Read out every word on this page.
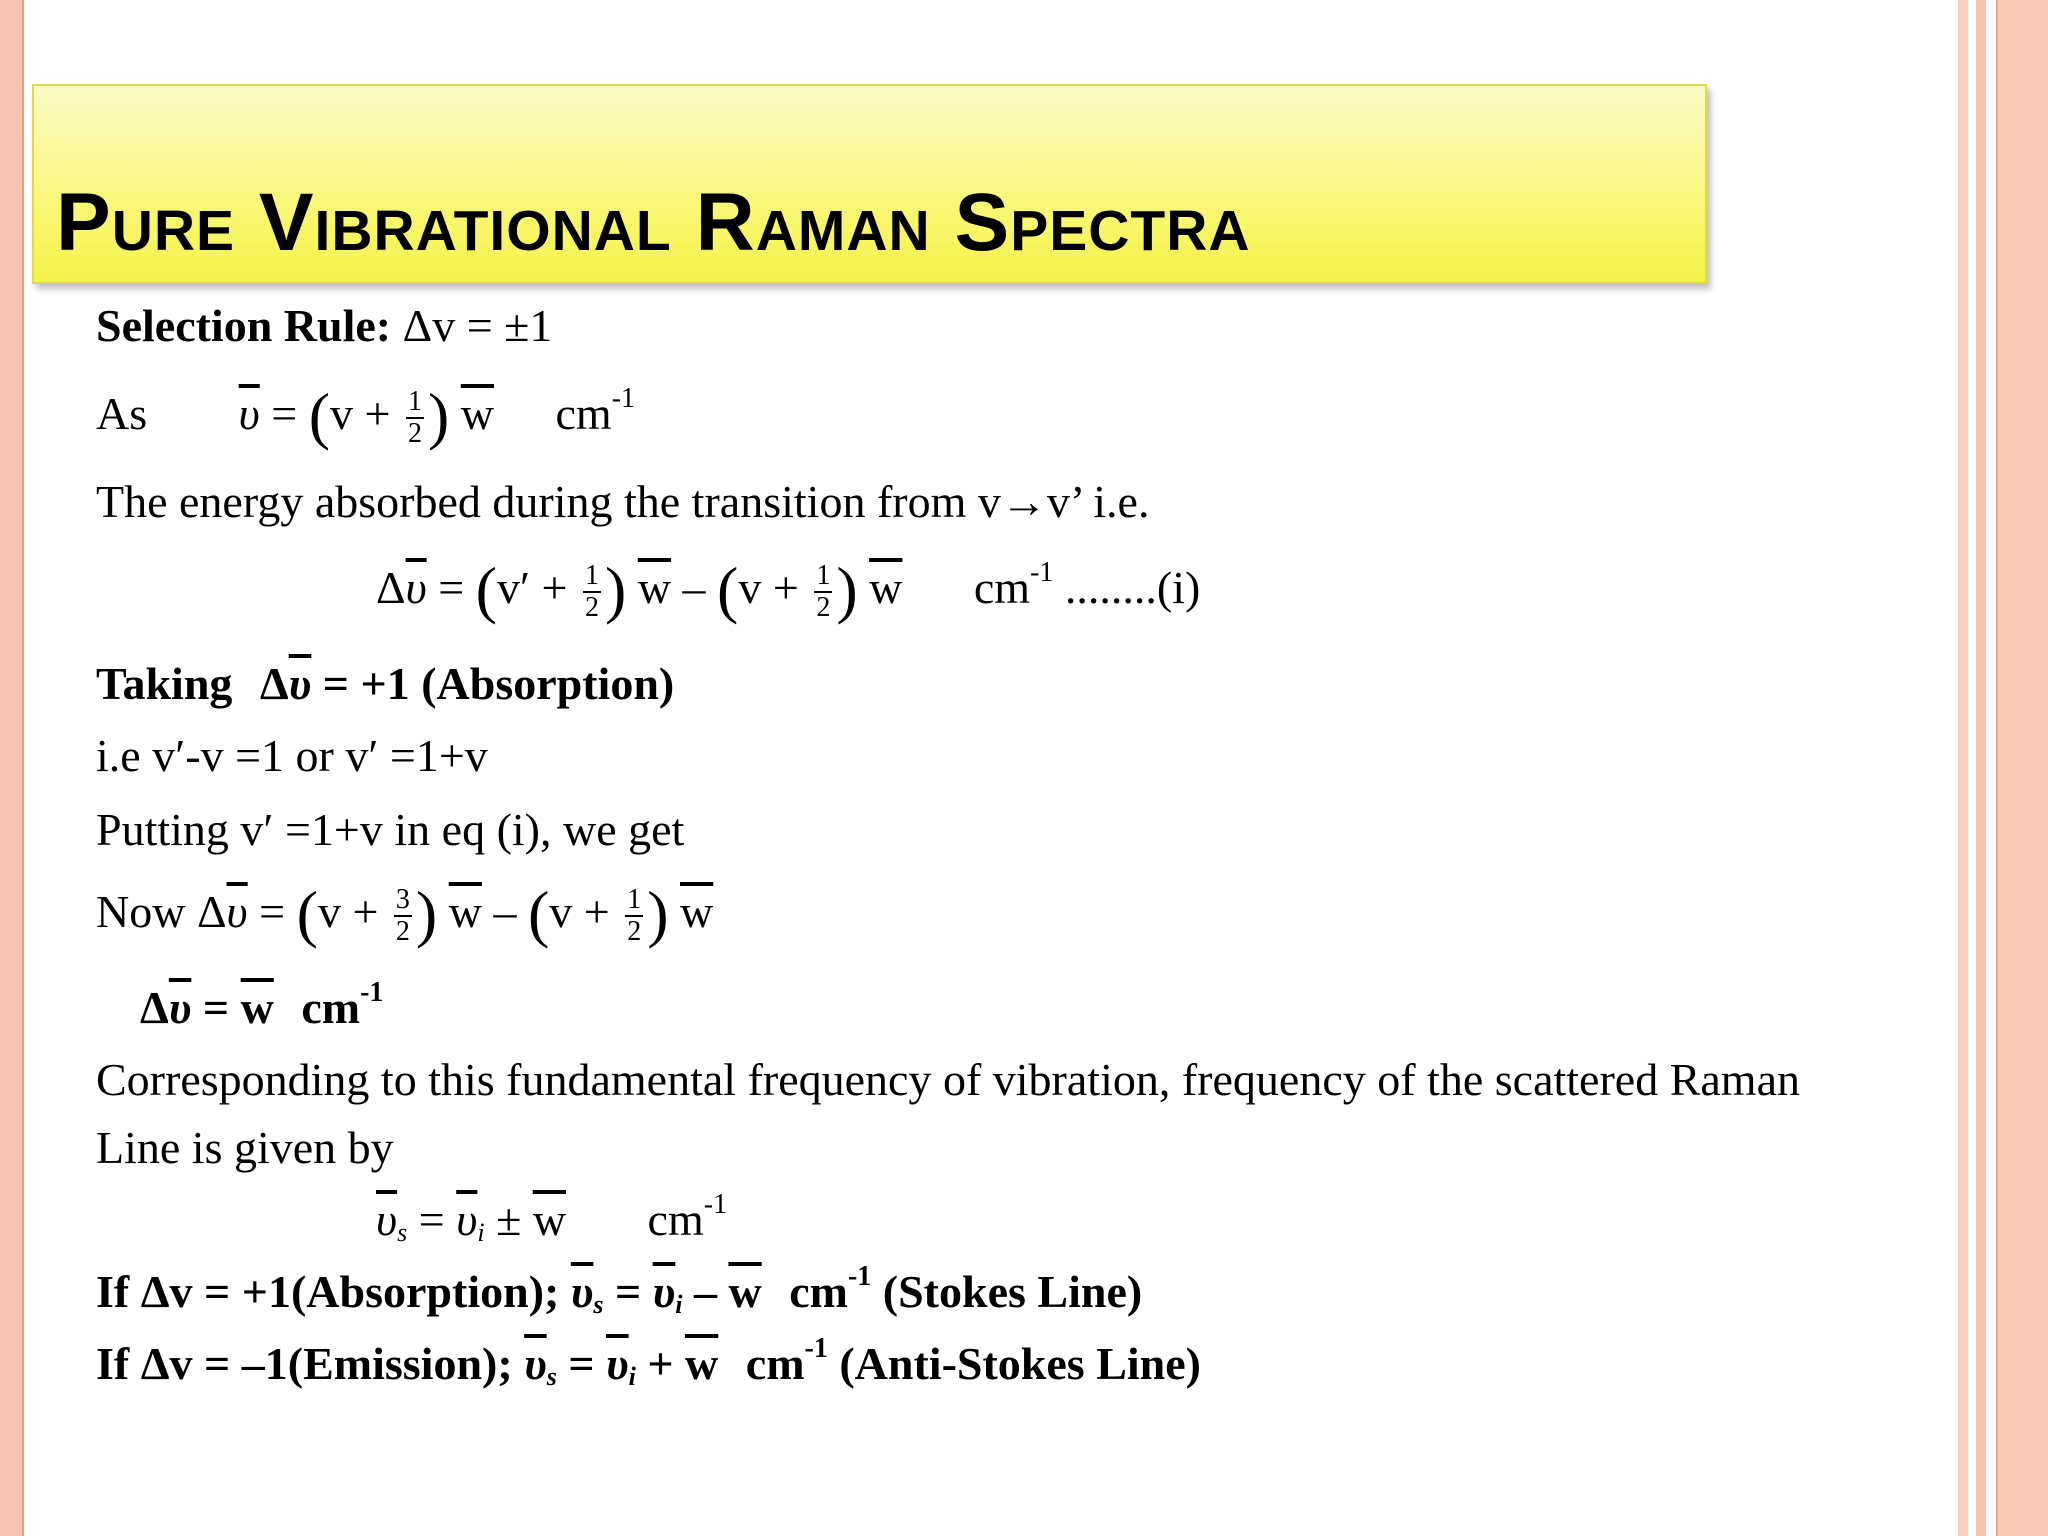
Pure Vibrational Raman Spectra

Selection Rule: Δv = ±1

As $\overline{\upsilon} = (v + \frac{1}{2}$ ) $\overline{w}$ $cm^{-1}$

The energy absorbed during the transition from v→v’ i.e.

$\Delta\overline{\upsilon} = (v' + \frac{1}{2}$ ) $\overline{w} - (v + \frac{1}{2}$ ) $\overline{w}$ $cm^{-1}$ ........(i)

Taking $\Delta\overline{\upsilon} = +1$ (Absorption)

i.e v′-v =1 or v′ =1+v

Putting v′ =1+v in eq (i), we get

Now $\Delta\overline{\upsilon} = (v + \frac{3}{2}$ ) $\overline{w} - (v + \frac{1}{2}$ ) $\overline{w}$

$\Delta\overline{\upsilon} = \overline{w}$ $cm^{-1}$

Corresponding to this fundamental frequency of vibration, frequency of the scattered Raman

Line is given by

$\overline{\upsilon}_s = \overline{\upsilon}_i \pm \overline{w}$ $cm^{-1}$

If Δv = +1(Absorption); $\overline{\upsilon}_s = \overline{\upsilon}_i - \overline{w}$ $cm^{-1}$ (Stokes Line)

If Δv = –1(Emission); $\overline{\upsilon}_s = \overline{\upsilon}_i + \overline{w}$ $cm^{-1}$ (Anti-Stokes Line)
